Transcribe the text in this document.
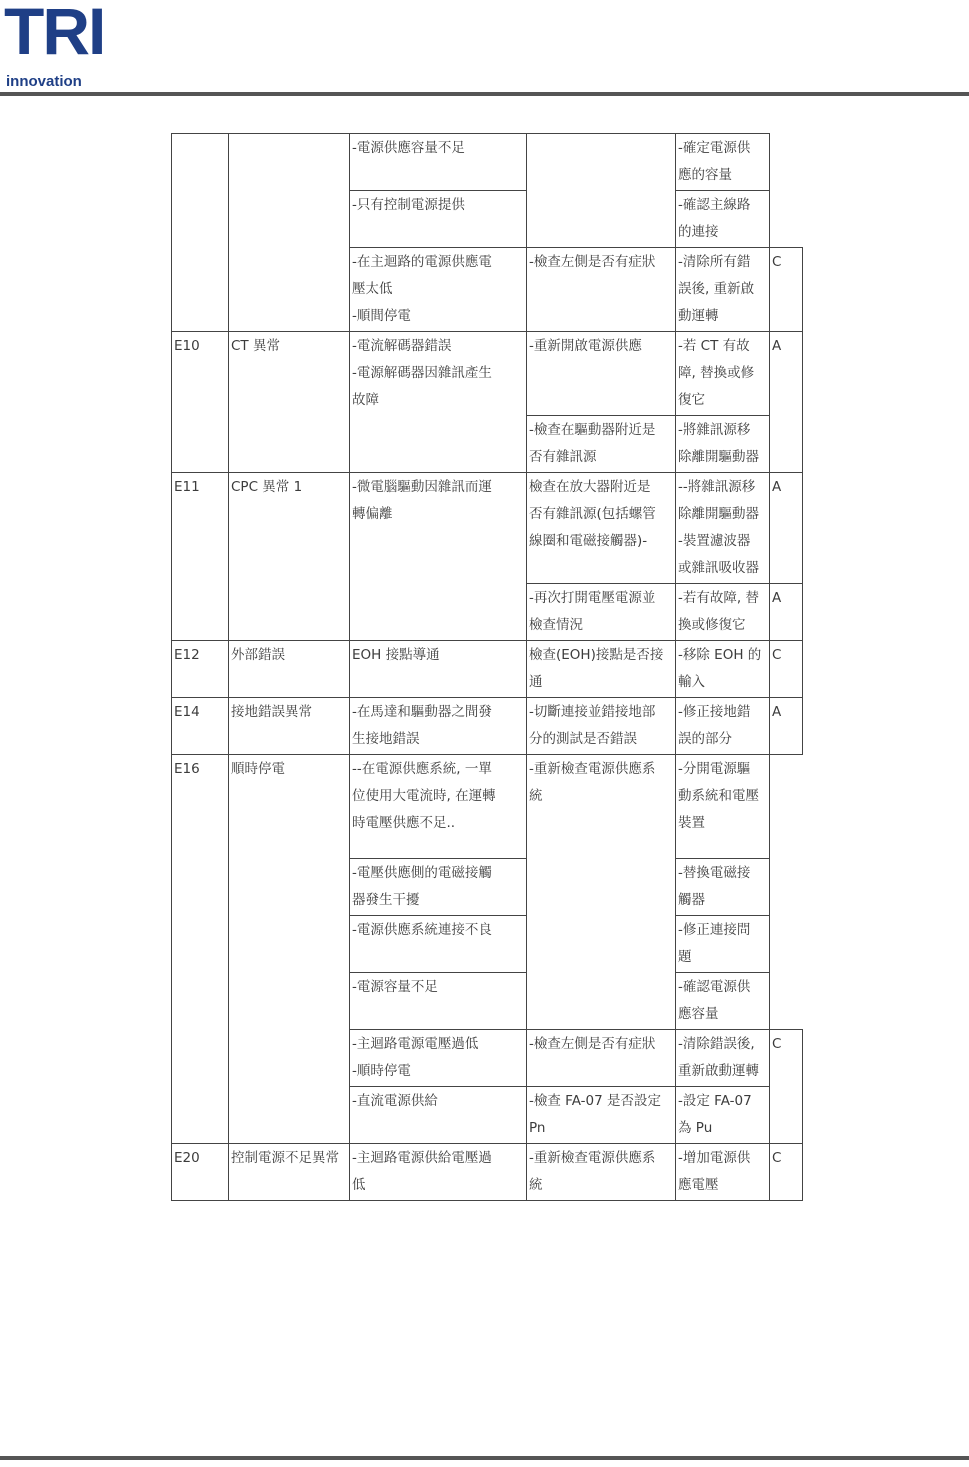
TRI
innovation

		-電源供應容量不足		-確定電源供
應的容量	

		-只有控制電源提供		-確認主線路
的連接	

		-在主迴路的電源供應電
壓太低
-順間停電	-檢查左側是否有症狀	-清除所有錯
誤後, 重新啟
動運轉	C

E10	CT 異常	-電流解碼器錯誤
-電源解碼器因雜訊產生
故障	-重新開啟電源供應	-若 CT 有故
障, 替換或修
復它	A

			-檢查在驅動器附近是
否有雜訊源	-將雜訊源移
除離開驅動器	

E11	CPC 異常 1	-微電腦驅動因雜訊而運
轉偏離	檢查在放大器附近是
否有雜訊源(包括螺管
線圈和電磁接觸器)-	--將雜訊源移
除離開驅動器
-裝置濾波器
或雜訊吸收器	A

			-再次打開電壓電源並
檢查情況	-若有故障, 替
換或修復它	A

E12	外部錯誤	EOH 接點導通	檢查(EOH)接點是否接
通	-移除 EOH 的
輸入	C

E14	接地錯誤異常	-在馬達和驅動器之間發
生接地錯誤	-切斷連接並錯接地部
分的測試是否錯誤	-修正接地錯
誤的部分	A

E16	順時停電	--在電源供應系統, 一單
位使用大電流時, 在運轉
時電壓供應不足..	-重新檢查電源供應系
統	-分開電源驅
動系統和電壓
裝置	

		-電壓供應側的電磁接觸
器發生干擾		-替換電磁接
觸器	

		-電源供應系統連接不良		-修正連接問
題	

		-電源容量不足		-確認電源供
應容量	

		-主迴路電源電壓過低
-順時停電	-檢查左側是否有症狀	-清除錯誤後,
重新啟動運轉	C

		-直流電源供給	-檢查 FA-07 是否設定
Pn	-設定 FA-07
為 Pu	

E20	控制電源不足異常	-主迴路電源供給電壓過
低	-重新檢查電源供應系
統	-增加電源供
應電壓	C
